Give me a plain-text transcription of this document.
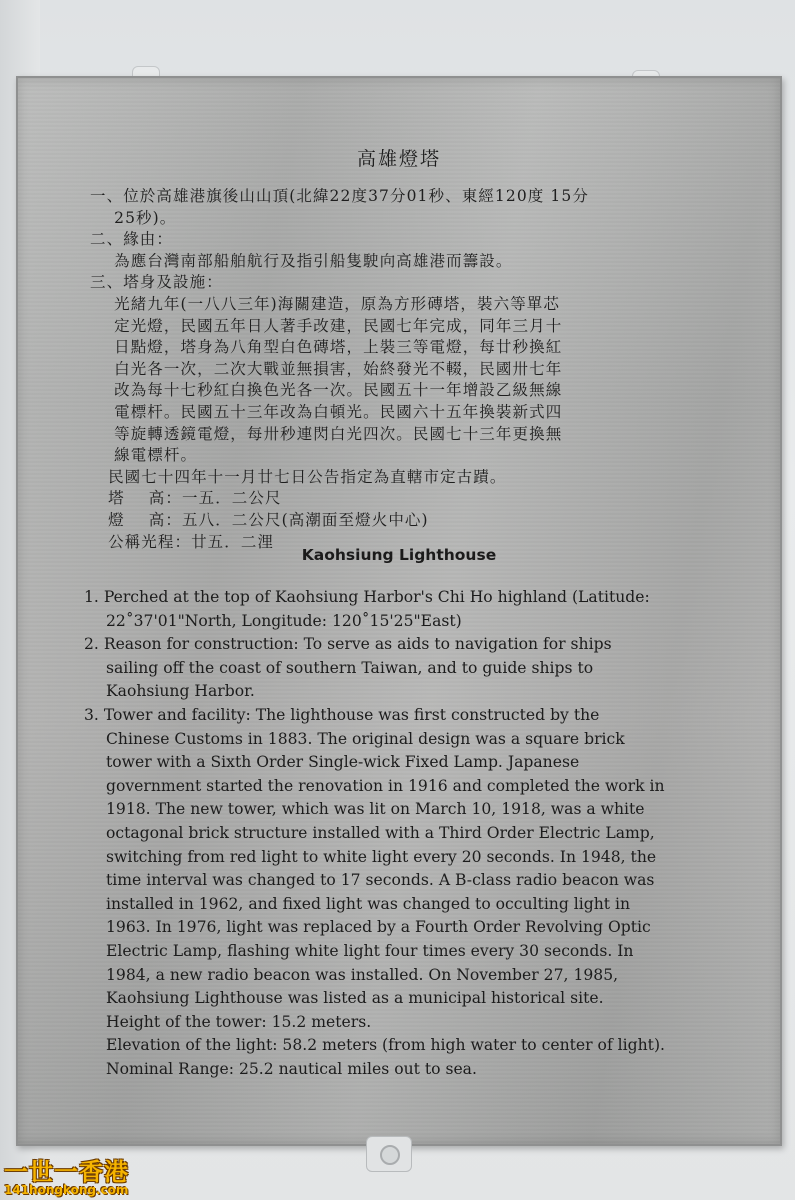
高雄燈塔
一、位於高雄港旗後山山頂(北緯22度37分01秒、東經120度 15分
25秒)。
二、緣由：
為應台灣南部船舶航行及指引船隻駛向高雄港而籌設。
三、塔身及設施：
光緒九年(一八八三年)海關建造，原為方形磚塔，裝六等單芯
定光燈，民國五年日人著手改建，民國七年完成，同年三月十
日點燈，塔身為八角型白色磚塔，上裝三等電燈，每廿秒換紅
白光各一次，二次大戰並無損害，始終發光不輟，民國卅七年
改為每十七秒紅白換色光各一次。民國五十一年增設乙級無線
電標杆。民國五十三年改為白頓光。民國六十五年換裝新式四
等旋轉透鏡電燈，每卅秒連閃白光四次。民國七十三年更換無
線電標杆。
民國七十四年十一月廿七日公告指定為直轄市定古蹟。
塔    高：一五．二公尺
燈    高：五八．二公尺(高潮面至燈火中心)
公稱光程：廿五．二浬
Kaohsiung Lighthouse
1. Perched at the top of Kaohsiung Harbor's Chi Ho highland (Latitude:
22˚37'01"North, Longitude: 120˚15'25"East)
2. Reason for construction: To serve as aids to navigation for ships
sailing off the coast of southern Taiwan, and to guide ships to
Kaohsiung Harbor.
3. Tower and facility: The lighthouse was first constructed by the
Chinese Customs in 1883. The original design was a square brick
tower with a Sixth Order Single-wick Fixed Lamp. Japanese
government started the renovation in 1916 and completed the work in
1918. The new tower, which was lit on March 10, 1918, was a white
octagonal brick structure installed with a Third Order Electric Lamp,
switching from red light to white light every 20 seconds. In 1948, the
time interval was changed to 17 seconds. A B-class radio beacon was
installed in 1962, and fixed light was changed to occulting light in
1963. In 1976, light was replaced by a Fourth Order Revolving Optic
Electric Lamp, flashing white light four times every 30 seconds. In
1984, a new radio beacon was installed. On November 27, 1985,
Kaohsiung Lighthouse was listed as a municipal historical site.
Height of the tower: 15.2 meters.
Elevation of the light: 58.2 meters (from high water to center of light).
Nominal Range: 25.2 nautical miles out to sea.
一世一香港
141hongkong.com
